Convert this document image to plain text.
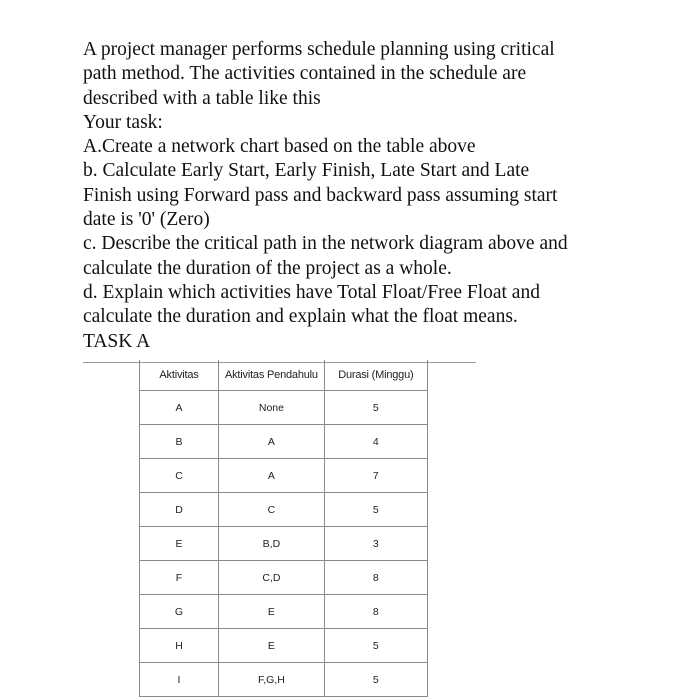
A project manager performs schedule planning using critical
path method. The activities contained in the schedule are
described with a table like this
Your task:
A.Create a network chart based on the table above
b. Calculate Early Start, Early Finish, Late Start and Late
Finish using Forward pass and backward pass assuming start
date is '0' (Zero)
c. Describe the critical path in the network diagram above and
calculate the duration of the project as a whole.
d. Explain which activities have Total Float/Free Float and
calculate the duration and explain what the float means.
TASK A
Aktivitas	Aktivitas Pendahulu	Durasi (Minggu)
A	None	5
B	A	4
C	A	7
D	C	5
E	B,D	3
F	C,D	8
G	E	8
H	E	5
I	F,G,H	5
